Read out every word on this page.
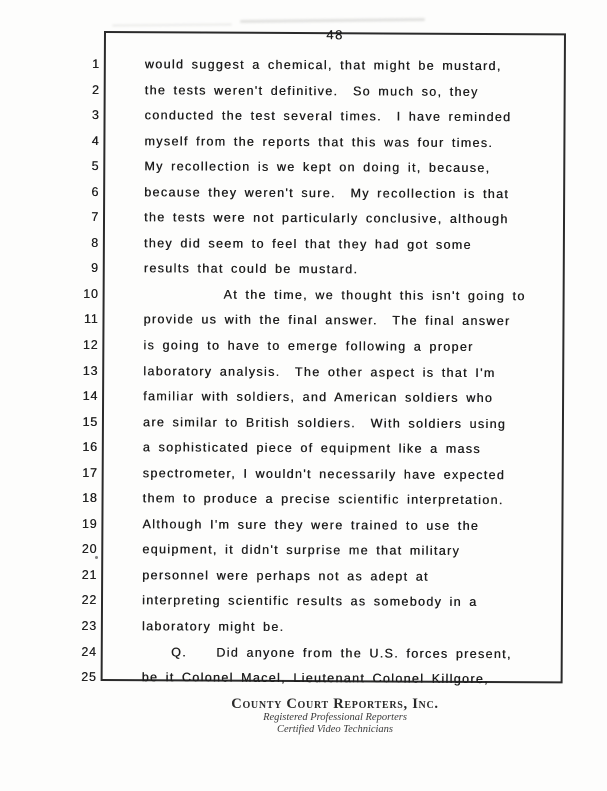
48
1	would suggest a chemical, that might be mustard,
2	the tests weren't definitive.  So much so, they
3	conducted the test several times.  I have reminded
4	myself from the reports that this was four times.
5	My recollection is we kept on doing it, because,
6	because they weren't sure.  My recollection is that
7	the tests were not particularly conclusive, although
8	they did seem to feel that they had got some
9	results that could be mustard.
10	At the time, we thought this isn't going to
11	provide us with the final answer.  The final answer
12	is going to have to emerge following a proper
13	laboratory analysis.  The other aspect is that I'm
14	familiar with soldiers, and American soldiers who
15	are similar to British soldiers.  With soldiers using
16	a sophisticated piece of equipment like a mass
17	spectrometer, I wouldn't necessarily have expected
18	them to produce a precise scientific interpretation.
19	Although I'm sure they were trained to use the
20	equipment, it didn't surprise me that military
21	personnel were perhaps not as adept at
22	interpreting scientific results as somebody in a
23	laboratory might be.
24	Q.    Did anyone from the U.S. forces present,
25	be it Colonel Macel, Lieutenant Colonel Killgore,
County Court Reporters, Inc.
Registered Professional Reporters
Certified Video Technicians
